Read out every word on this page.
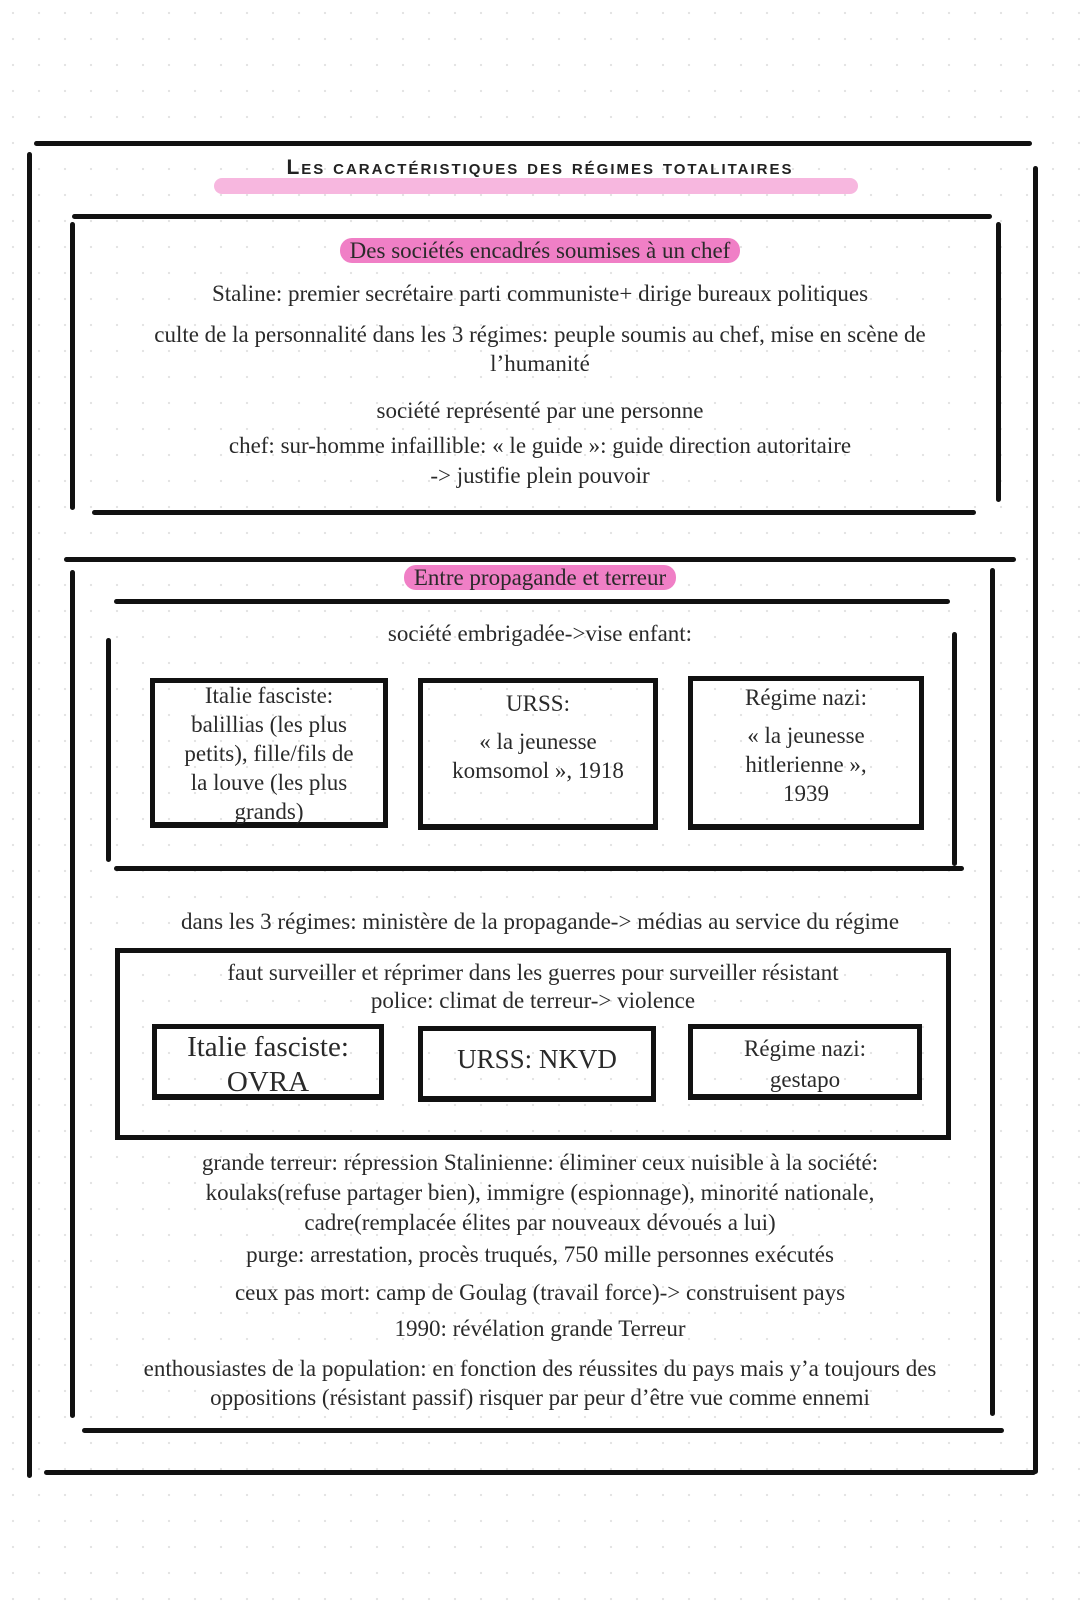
Les caractéristiques des régimes totalitaires
Des sociétés encadrés soumises à un chef
Staline: premier secrétaire parti communiste+ dirige bureaux politiques
culte de la personnalité dans les 3 régimes: peuple soumis au chef, mise en scène de
l’humanité
société représenté par une personne
chef: sur-homme infaillible: « le guide »: guide direction autoritaire
-> justifie plein pouvoir
Entre propagande et terreur
société embrigadée->vise enfant:
Italie fasciste:
balillias (les plus
petits), fille/fils de
la louve (les plus
grands)
URSS:
« la jeunesse
komsomol », 1918
Régime nazi:
« la jeunesse
hitlerienne »,
1939
dans les 3 régimes: ministère de la propagande-> médias au service du régime
faut surveiller et réprimer dans les guerres pour surveiller résistant
police: climat de terreur-> violence
Italie fasciste:
OVRA
URSS: NKVD	Régime nazi:
gestapo
grande terreur: répression Stalinienne: éliminer ceux nuisible à la société:
koulaks(refuse partager bien), immigre (espionnage), minorité nationale,
cadre(remplacée élites par nouveaux dévoués a lui)
purge: arrestation, procès truqués, 750 mille personnes exécutés
ceux pas mort: camp de Goulag (travail force)-> construisent pays
1990: révélation grande Terreur
enthousiastes de la population: en fonction des réussites du pays mais y’a toujours des
oppositions (résistant passif) risquer par peur d’être vue comme ennemi
